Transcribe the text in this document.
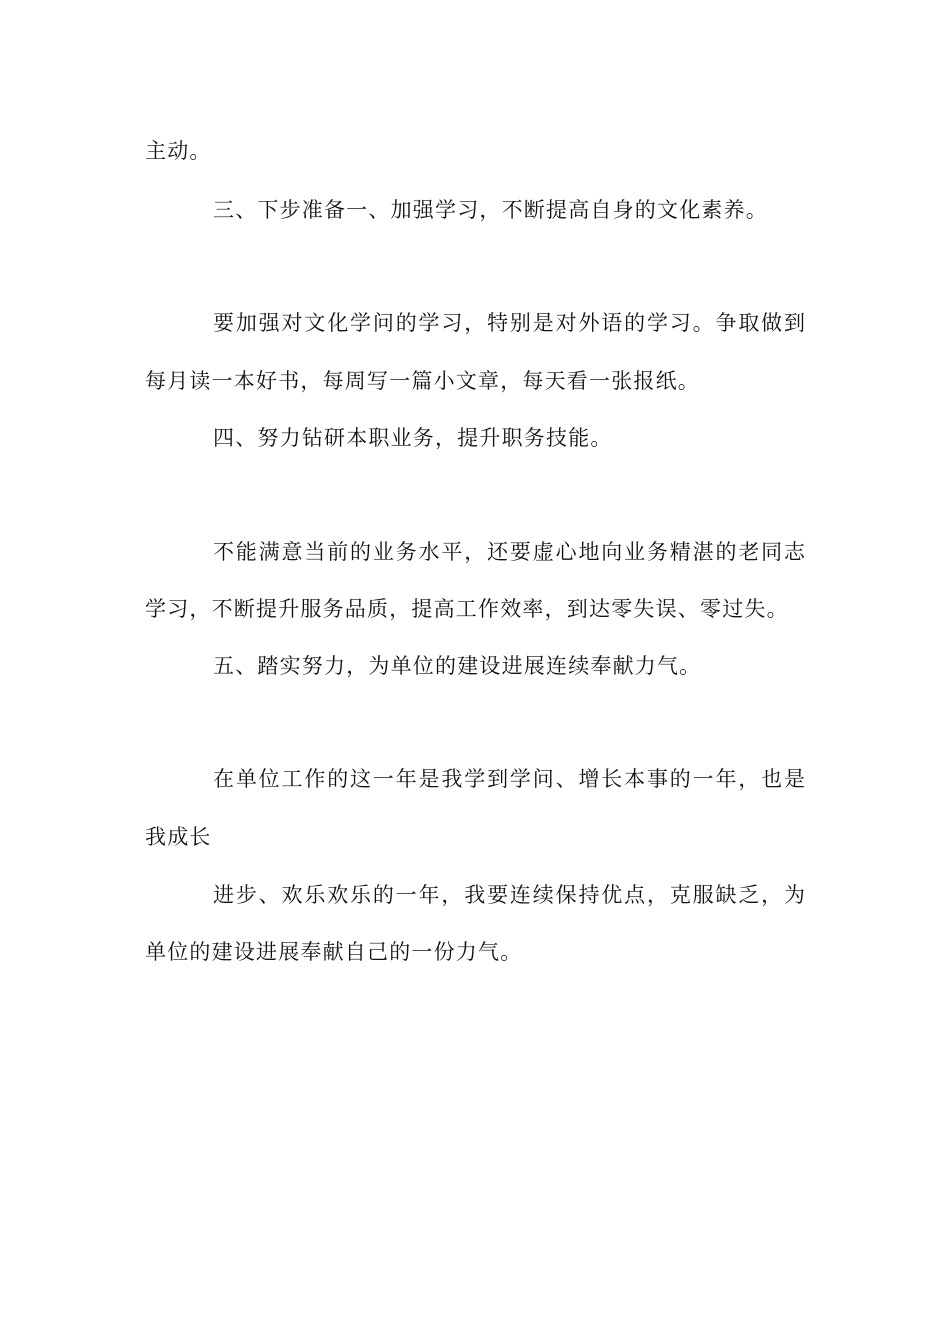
主动。
三、下步准备一、加强学习，不断提高自身的文化素养。
要加强对文化学问的学习，特别是对外语的学习。争取做到
每月读一本好书，每周写一篇小文章，每天看一张报纸。
四、努力钻研本职业务，提升职务技能。
不能满意当前的业务水平，还要虚心地向业务精湛的老同志
学习，不断提升服务品质，提高工作效率，到达零失误、零过失。
五、踏实努力，为单位的建设进展连续奉献力气。
在单位工作的这一年是我学到学问、增长本事的一年，也是
我成长
进步、欢乐欢乐的一年，我要连续保持优点，克服缺乏，为
单位的建设进展奉献自己的一份力气。
